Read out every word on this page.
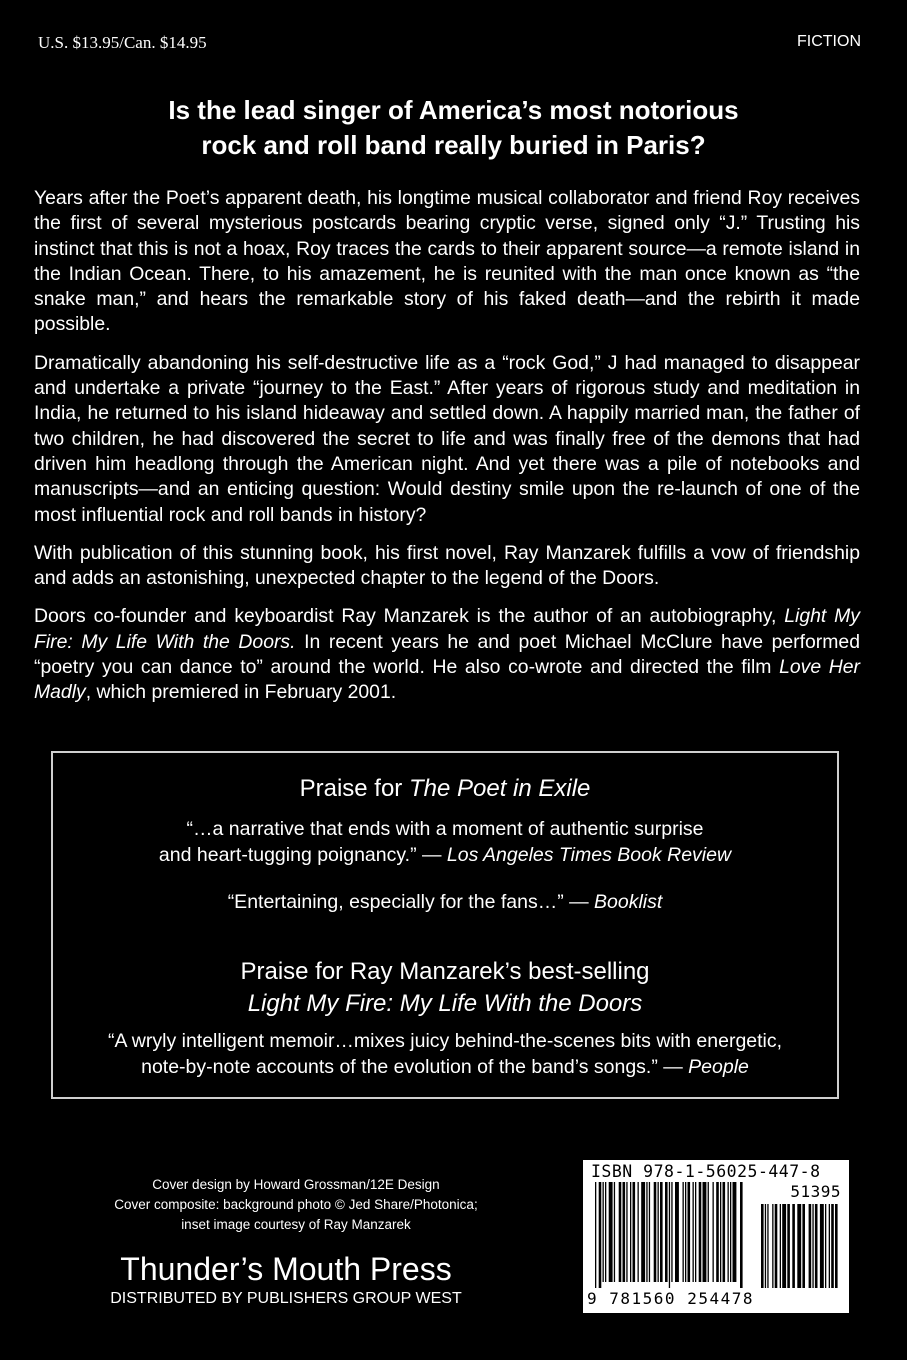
U.S. $13.95/Can. $14.95	FICTION
Is the lead singer of America’s most notorious
rock and roll band really buried in Paris?

Years after the Poet’s apparent death, his longtime musical collaborator and friend Roy receives the first of several mysterious postcards bearing cryptic verse, signed only “J.” Trusting his instinct that this is not a hoax, Roy traces the cards to their apparent source—a remote island in the Indian Ocean. There, to his amazement, he is reunited with the man once known as “the snake man,” and hears the remarkable story of his faked death—and the rebirth it made possible.

Dramatically abandoning his self-destructive life as a “rock God,” J had managed to disappear and undertake a private “journey to the East.” After years of rigorous study and meditation in India, he returned to his island hideaway and settled down. A happily married man, the father of two children, he had discovered the secret to life and was finally free of the demons that had driven him headlong through the American night. And yet there was a pile of notebooks and manuscripts—and an enticing question: Would destiny smile upon the re-launch of one of the most influential rock and roll bands in history?

With publication of this stunning book, his first novel, Ray Manzarek fulfills a vow of friendship and adds an astonishing, unexpected chapter to the legend of the Doors.

Doors co-founder and keyboardist Ray Manzarek is the author of an autobiography, Light My Fire: My Life With the Doors. In recent years he and poet Michael McClure have performed “poetry you can dance to” around the world. He also co-wrote and directed the film Love Her Madly, which premiered in February 2001.

Praise for The Poet in Exile
“…a narrative that ends with a moment of authentic surprise
and heart-tugging poignancy.” — Los Angeles Times Book Review
“Entertaining, especially for the fans…” — Booklist
Praise for Ray Manzarek’s best-selling
Light My Fire: My Life With the Doors
“A wryly intelligent memoir…mixes juicy behind-the-scenes bits with energetic,
note-by-note accounts of the evolution of the band’s songs.” — People
Cover design by Howard Grossman/12E Design
Cover composite: background photo © Jed Share/Photonica;
inset image courtesy of Ray Manzarek
Thunder’s Mouth Press
DISTRIBUTED BY PUBLISHERS GROUP WEST
ISBN 978-1-56025-447-8
51395
9 781560 254478
